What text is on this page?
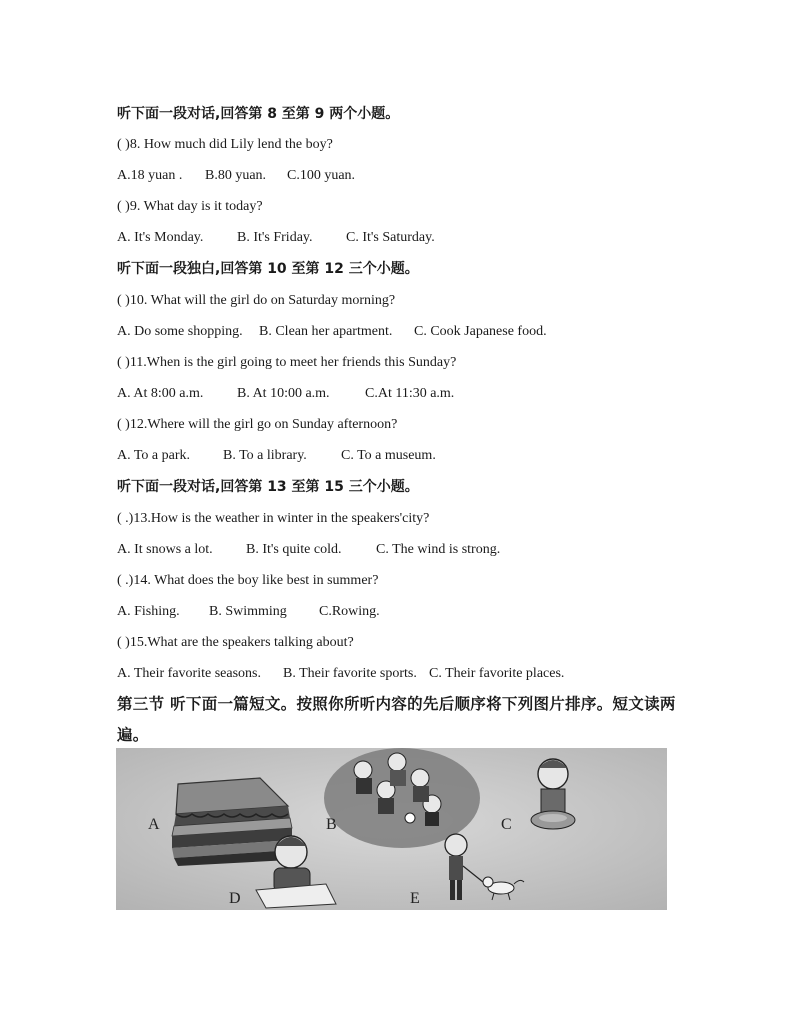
听下面一段对话,回答第 8 至第 9 两个小题。
( )8. How much did Lily lend the boy?
A.18 yuan . B.80 yuan. C.100 yuan.
( )9. What day is it today?
A. It's Monday. B. It's Friday. C. It's Saturday.
听下面一段独白,回答第 10 至第 12 三个小题。
( )10. What will the girl do on Saturday morning?
A. Do some shopping. B. Clean her apartment. C. Cook Japanese food.
( )11.When is the girl going to meet her friends this Sunday?
A. At 8:00 a.m. B. At 10:00 a.m.	C.At 11:30 a.m.
( )12.Where will the girl go on Sunday afternoon?
A. To a park. B. To a library. C. To a museum.
听下面一段对话,回答第 13 至第 15 三个小题。
( .)13.How is the weather in winter in the speakers'city?
A. It snows a lot. B. It's quite cold. C. The wind is strong.
( .)14. What does the boy like best in summer?
A. Fishing. B. Swimming C.Rowing.
( )15.What are the speakers talking about?
A. Their favorite seasons. B. Their favorite sports. C. Their favorite places.
第三节 听下面一篇短文。按照你所听内容的先后顺序将下列图片排序。短文读两
遍。
A	B	C
D	E
